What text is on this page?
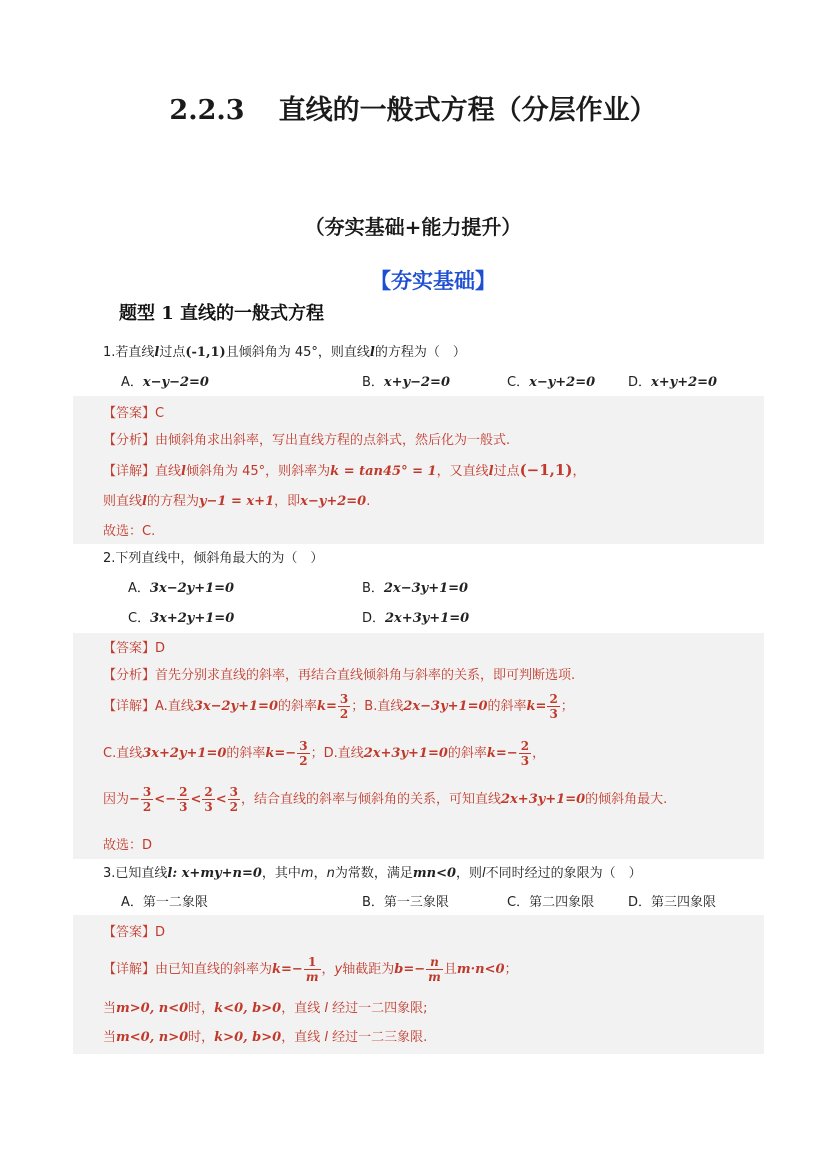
2.2.3 直线的一般式方程（分层作业）
（夯实基础+能力提升）
【夯实基础】
题型 1 直线的一般式方程
1.若直线l过点(-1,1)且倾斜角为 45°，则直线l的方程为（　）
A．x−y−2=0	B．x+y−2=0	C．x−y+2=0	D．x+y+2=0
【答案】C
【分析】由倾斜角求出斜率，写出直线方程的点斜式，然后化为一般式.
【详解】直线l倾斜角为 45°，则斜率为k = tan45° = 1，又直线l过点(−1,1)，
则直线l的方程为y−1 = x+1，即x−y+2=0.
故选：C.
2.下列直线中，倾斜角最大的为（　）
A．3x−2y+1=0	B．2x−3y+1=0
C．3x+2y+1=0	D．2x+3y+1=0
【答案】D
【分析】首先分别求直线的斜率，再结合直线倾斜角与斜率的关系，即可判断选项.
【详解】A.直线3x−2y+1=0的斜率$k= \frac{3}{2}$ ；B.直线2x−3y+1=0的斜率$k= \frac{2}{3}$ ；
C.直线3x+2y+1=0的斜率$k=- \frac{3}{2}$ ；D.直线2x+3y+1=0的斜率$k=- \frac{2}{3}$ ，
因为− $\frac{3}{2} <- \frac{2}{3} < \frac{2}{3} < \frac{3}{2}$ ，结合直线的斜率与倾斜角的关系，可知直线2x+3y+1=0的倾斜角最大.
故选：D
3.已知直线l: x+my+n=0，其中m，n为常数，满足mn<0，则l不同时经过的象限为（　）
A．第一二象限	B．第一三象限	C．第二四象限	D．第三四象限
【答案】D
【详解】由已知直线的斜率为$k=- \frac{1}{m}$ ，y轴截距为$b=- \frac{n}{m}$ 且m·n<0；
当m>0, n<0时，k<0, b>0，直线 l 经过一二四象限;
当m<0, n>0时，k>0, b>0，直线 l 经过一二三象限.
